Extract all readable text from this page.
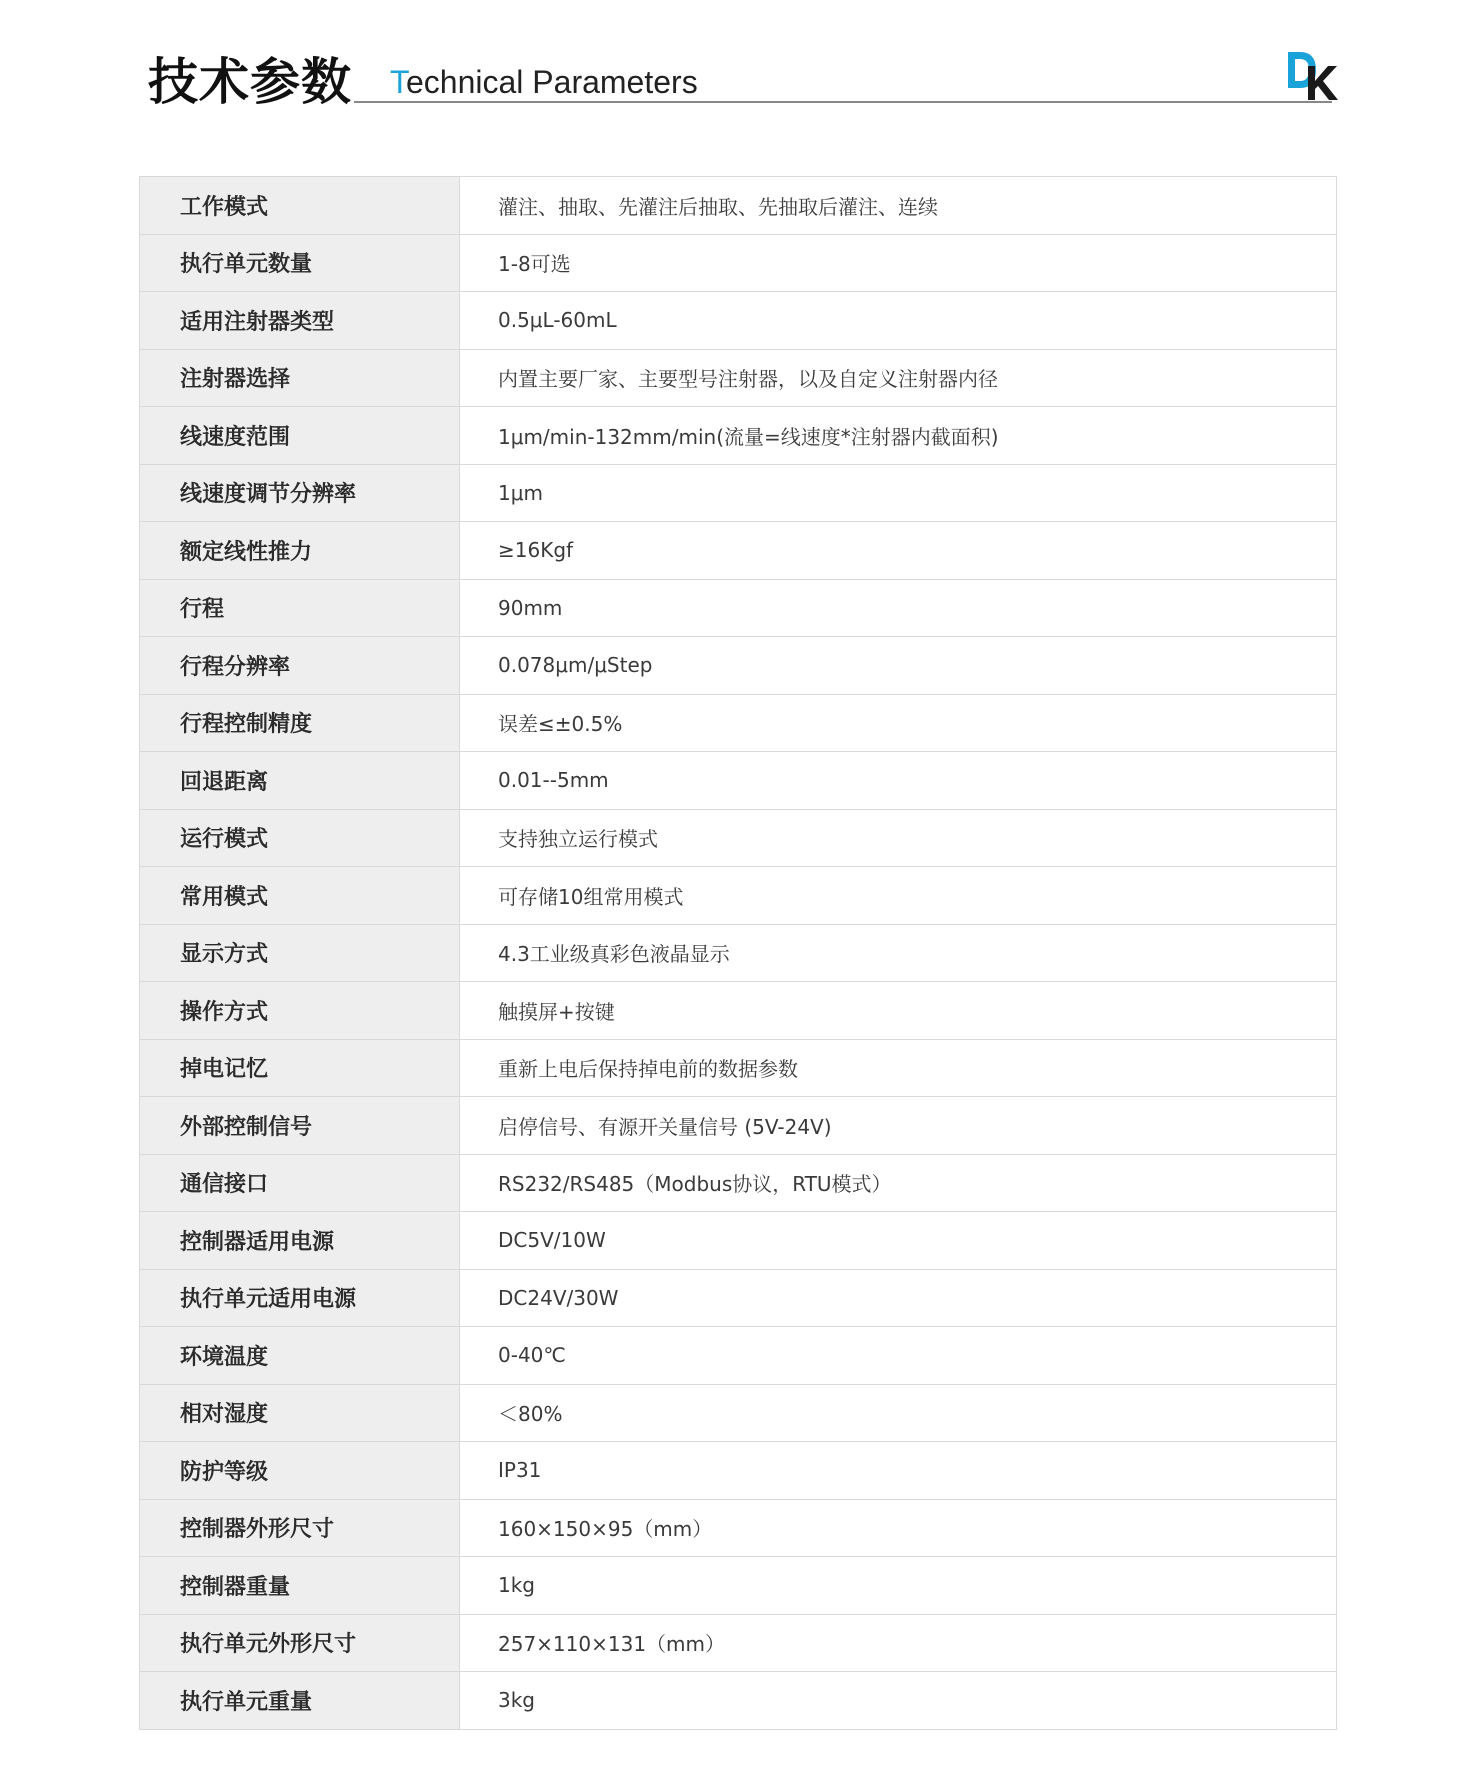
技术参数 Technical Parameters
工作模式	灌注、抽取、先灌注后抽取、先抽取后灌注、连续
执行单元数量	1-8可选
适用注射器类型	0.5μL-60mL
注射器选择	内置主要厂家、主要型号注射器，以及自定义注射器内径
线速度范围	1μm/min-132mm/min(流量=线速度*注射器内截面积)
线速度调节分辨率	1μm
额定线性推力	≥16Kgf
行程	90mm
行程分辨率	0.078μm/μStep
行程控制精度	误差≤±0.5%
回退距离	0.01--5mm
运行模式	支持独立运行模式
常用模式	可存储10组常用模式
显示方式	4.3工业级真彩色液晶显示
操作方式	触摸屏+按键
掉电记忆	重新上电后保持掉电前的数据参数
外部控制信号	启停信号、有源开关量信号 (5V-24V)
通信接口	RS232/RS485（Modbus协议，RTU模式）
控制器适用电源	DC5V/10W
执行单元适用电源	DC24V/30W
环境温度	0-40℃
相对湿度	＜80%
防护等级	IP31
控制器外形尺寸	160×150×95（mm）
控制器重量	1kg
执行单元外形尺寸	257×110×131（mm）
执行单元重量	3kg
